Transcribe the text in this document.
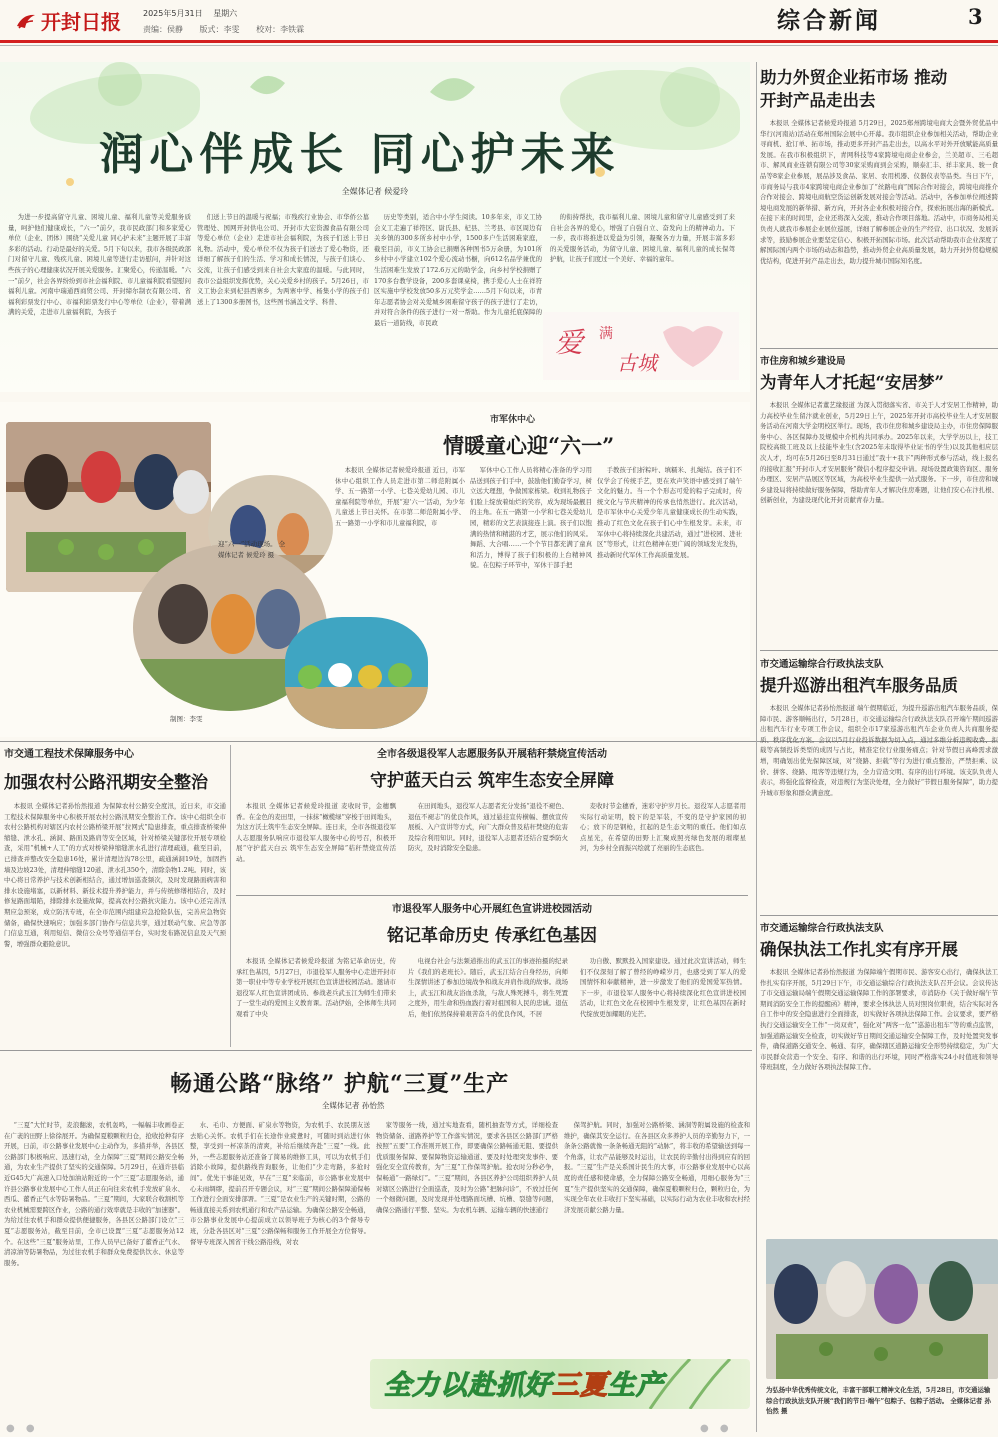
开封日报	2025年5月31日 星期六
责编：侯静 版式：李雯 校对：李铁霖	综合新闻	3
润心伴成长 同心护未来
全媒体记者 候爱玲

为进一步提高留守儿童、困境儿童、福利儿童等关爱服务质量，呵护他们健康成长，“六一”前夕，我市民政部门和多家爱心单位（企业、团体）围绕“关爱儿童 同心护未来”主题开展了丰富多彩的活动。行动是最好的关爱。5月下旬以来，我市各级民政部门对留守儿童、残疾儿童、困境儿童等进行走访慰问，并针对这些孩子的心理健康状况开展关爱服务。汇聚爱心，传递温暖。“六一”前夕，社会各界纷纷到市社会福利院、市儿童福利院看望慰问福利儿童。河南中瑞通西商贸公司、开封缔尔制衣有限公司、省福利彩票发行中心、市福利彩票发行中心等单位（企业），带着满满的关爱，走进市儿童福利院，为孩子

们送上节日的温暖与祝福；市残疾行业协会、市华侨公墓管理处、国网开封供电公司、开封市大宏资源食品有限公司等爱心单位（企业）走进市社会福利院，为孩子们送上节日礼物。活动中，爱心单位不仅为孩子们送去了爱心物资，还详细了解孩子们的生活、学习和成长情况，与孩子们谈心、交流，让孩子们感受到来自社会大家庭的温暖。与此同时，我市公益组织发挥优势，关心关爱乡村的孩子。5月26日，市义工协会来到杞县西寨乡，为两寨中学、杨集小学的孩子们送上了1300多册图书，这些图书涵盖文学、科普、

历史等类别，适合中小学生阅读。10多年来，市义工协会义工走遍了祥符区、尉氏县、杞县、兰考县、市区周边有关乡镇的300多所乡村中小学，1500多户生活困难家庭，截至目前，市义工协会已捐赠各种图书5万余册，为101所乡村中小学建立102个爱心流动书橱，向612名品学兼优的生活困难生发放了172.6万元的助学金，向乡村学校捐赠了170多台教学设备，200多套课桌椅，携手爱心人士在祥符区实施中学校发放50多万元奖学金……5月下旬以来，市青年志愿者协会对关爱城乡困难留守孩子的孩子进行了走访，并对符合条件的孩子进行一对一帮助。作为儿童托底保障的最后一道防线，市民政

的衔持帮扶，我市福利儿童、困境儿童和留守儿童感受到了来自社会各界的爱心，增强了自强自立、奋发向上的精神动力。下一步，我市将推进以爱益为引领，凝聚各方力量，开展丰富多彩的关爱服务活动，为留守儿童、困境儿童、福利儿童的成长保驾护航，让孩子们度过一个美好、幸福的童年。

爱 满
古城
迎“六一”活动现场。 全媒体记者 候爱玲 摄
制图：李雯
市军休中心
情暖童心迎“六一”

本报讯 全媒体记者候爱玲报道 近日，市军休中心组织工作人员走进市第二师范附属小学、五一路第一小学、七巷关爱幼儿园、市儿童福利院等单位，开展“迎‘六一’活动，为少年儿童送上节日关怀。在市第二师范附属小学、五一路第一小学和市儿童福利院，市

军休中心工作人员将精心准备的学习用品送到孩子们手中，鼓励他们勤奋学习，树立远大理想，争做国家栋梁。收到礼物孩子们脸上绽放着灿烂的笑容，成为现场最靓目的主角。在五一路第一小学和七巷关爱幼儿园，精彩的文艺表演接连上演。孩子们以饱满的热情和精湛的才艺，展示他们的风采。舞蹈、大合唱……一个个节目都充满了童真和活力，博得了孩子们积极的上台精神风貌。在包粽子环节中，军休干部手把

手教孩子们折粽叶、填糯米、扎绳结。孩子们不仅学会了传统手艺，更在欢声笑语中感受到了端午文化的魅力。当一个个形态可爱的粽子完成时，传统文化与节庆精神的传承也悄然进行。此次活动，是市军休中心关爱少年儿童健康成长的生动实践，推动了红色文化在孩子们心中生根发芽。未来，市军休中心将持续深化共建活动，通过“进校园、进社区”等形式，让红色精神在更广阔的领域发光发热，推动新时代军休工作高质量发展。

市交通工程技术保障服务中心
加强农村公路汛期安全整治

本报讯 全媒体记者孙怡然报道 为保障农村公路安全度汛，近日来，市交通工程技术保障服务中心积极开展农村公路汛期安全整治工作。该中心组织全市农村公路机构对辖区内农村公路桥梁开展“拉网式”隐患排查，重点排查桥梁伸缩缝、泄水孔、涵洞、路面及路肩等安全区域，针对桥梁关键部位开展专项检查，采用“机械+人工”的方式对桥梁伸缩缝泄水孔进行清理疏通，截至目前，已排查并整改安全隐患16处，累计清理边沟78公里，疏通涵洞19处，加固挡墙及边坡23处，清理伸缩缝120道、泄水孔350个，清除杂物1.2吨。同时，该中心将日常养护与技术创新相结合，通过增加巡查频次，及时发现路面病害和排水设施堵塞，以新材料、新技术提升养护能力，并与传统修缮相结合，及时修复路面塌陷，排除排水设施故障，提高农村公路抗灾能力。该中心还完善汛期应急预案，成立防汛专班，在全市范围内组建应急抢险队伍，完善应急物资储备，确保快速响应；加强多部门协作与信息共享，通过联动气象、应急等部门信息互通，利用短信、微信公众号等通信平台，实时发布路况信息及天气预警，增强群众避险意识。

全市各级退役军人志愿服务队开展秸秆禁烧宣传活动
守护蓝天白云 筑牢生态安全屏障

本报讯 全媒体记者候爱玲报道 麦收时节，金穗飘香。在金色的麦田里，一抹抹“橄榄绿”穿梭于田间地头，为这方沃土筑牢生态安全屏障。连日来，全市各级退役军人志愿服务队响应市退役军人服务中心的号召，积极开展“守护蓝天白云 筑牢生态安全屏障”秸秆禁烧宣传活动。

在田间地头，退役军人志愿者充分发扬“退役不褪色、退伍不褪志”的优良作风，通过悬挂宣传横幅、摆放宣传展板、入户宣讲等方式，向广大群众普及秸秆焚烧的危害及综合利用知识。同时，退役军人志愿者还结合夏季防火防灾，及时消除安全隐患。

麦收时节金穗香，迷彩守护岁月长。退役军人志愿者用实际行动证明，脱下的是军装，不变的是守护家园的初心；放下的是钢枪，扛起的是生态文明的重任。他们如点点星光，在希望的田野上汇聚成照亮绿色发展的璀璨星河，为乡村全面振兴绘就了亮丽的生态底色。

市退役军人服务中心开展红色宣讲进校园活动
铭记革命历史 传承红色基因

本报讯 全媒体记者候爱玲报道 为铭记革命历史，传承红色基因，5月27日，市退役军人服务中心走进开封市第一职业中等专业学校开展红色宣讲进校园活动。邀请市退役军人红色宣讲团成员、参战老兵武玉江为师生们带来了一堂生动的爱国主义教育课。活动伊始，全体师生共同观看了中央

电视台社会与法频道推出的武玉江的事迹拍摄的纪录片《我们的老班长》。随后，武玉江结合自身经历，向师生深情讲述了参加边境战争和战友并肩作战的故事。战场上，武玉江和战友浴血杀敌，与敌人殊死搏斗，将生死置之度外，用生命和热血践行着对祖国和人民的忠诚。退伍后，他们依然保持着艰苦奋斗的优良作风，不居

功自傲、默默投入国家建设。通过此次宣讲活动，师生们不仅深刻了解了曾经的峥嵘岁月，也感受到了军人的爱国情怀和奉献精神，进一步激发了他们的爱国爱军热情。下一步，市退役军人服务中心将持续深化红色宣讲进校园活动，让红色文化在校园中生根发芽，让红色基因在新时代绽放更加耀眼的光芒。

助力外贸企业拓市场 推动开封产品走出去

本报讯 全媒体记者候爱玲报道 5月29日，2025郑州跨境电商大会暨外贸优品中华行(河南站)活动在郑州国际会展中心开幕。我市组织企业参加相关活动，帮助企业寻商机、抢订单、拓市场，推动更多开封产品走出去，以高水平对外开放赋能高质量发展。在我市积极组织下，青网科技等4家跨境电商企业参会，兰美超市、三毛超市、解风商业连锁有限公司等30家采购商到会采购，顺泰汇丰、祥丰家具、骏一食品等8家企业参展，展品涉及食品、家居、农用机器、仪器仪表等品类。当日下午，市商务局与我市4家跨境电商企业参加了“丝路电商”国际合作对接会，跨境电商推介合作对接会、跨境电商航空货运创新发展对接会等活动。活动中，各参加单位阐述跨境电商发展的新举措、新方向，开封各企业积极对接合作，探索拓展出海的新模式。在接下来的时间里，企业还将深入交流，推动合作项目落地。活动中，市商务局相关负责人就我市参展企业展位巡展，详细了解参展企业的生产经营、出口状况、发展诉求等，鼓励参展企业要坚定信心、积极开拓国际市场。此次活动帮助我市企业深度了解国际国内两个市场的动态和趋势，推动外贸企业高质量发展，助力开封外贸稳规模优结构，促进开封产品走出去，助力提升城市国际知名度。

市住房和城乡建设局
为青年人才托起“安居梦”

本报讯 全媒体记者董艺缘报道 为深入贯彻落实省、市关于人才安居工作精神，助力高校毕业生留汴就业创业，5月29日上午，2025年开封市高校毕业生人才安居服务活动在河南大学金明校区举行。现场，我市住房和城乡建设局主办，市住房保障服务中心、各区保障办及规模中介机构共同承办。2025年以来，大学学历以上，技工院校高级工班及以上技能毕业生(含2025年未取得毕业证书的学生)以及其他相应层次人才，均可在5月26日至8月31日通过“我十+我下”两种形式参与活动，线上报名的接收汇报“开封市人才安居服务”微信小程序提交申请。现场设置政策咨询区、服务办理区、安居产品展区等区域，为高校毕业生提供一站式服务。下一步，市住房和城乡建设局将持续做好服务保障，帮助青年人才解决住房难题，让他们安心在汴扎根、创新创业，为建设现代化开封贡献青春力量。

市交通运输综合行政执法支队
提升巡游出租汽车服务品质

本报讯 全媒体记者孙怡然报道 端午假期临近，为提升巡游出租汽车服务品质，保障市民、游客顺畅出行，5月28日，市交通运输综合行政执法支队召开端午期间巡游出租汽车行业专项工作会议，组织全市17家巡游出租汽车企业负责人共商服务提质、秩序优化方案。会议以5月行业投诉数据为切入点，通过多维分析违规收费、拒载等高频投诉类型的成因与占比，精准定位行业服务痛点；针对节假日高峰需求激增，明确划出优先保障区域，对“绕路、拒载”等行为进行重点整治，严禁拒乘、议价、拼客、绕路、甩客等违规行为，全力营造文明、有序的出行环境。该支队负责人表示，将强化监督检查，对违规行为坚决处理，全力做好“节假日服务保障”，助力提升城市形象和群众满意度。

市交通运输综合行政执法支队
确保执法工作扎实有序开展

本报讯 全媒体记者孙怡然报道 为保障端午假期市民、游客安心出行，确保执法工作扎实有序开展，5月29日下午，市交通运输综合行政执法支队召开会议。会议传达了市交通运输局端午假期交通运输保障工作的部署要求，市消防办《关于做好端午节期间消防安全工作的提醒函》精神，要求全体执法人员对照岗位职责，结合实际对各自工作中的安全隐患进行全面排查，切实做好各项执法保障工作。会议要求，要严格执行交通运输安全工作“一岗双责”，强化对“两客一危”“巡游出租车”等的重点监管，加强道路运输安全检查，切实做好节日期间交通运输安全保障工作，及时处置突发事件，确保道路交通安全、畅通、有序，确保辖区道路运输安全形势持续稳定，为广大市民群众营造一个安全、有序、和谐的出行环境，同时严格落实24小时值班和领导带班制度，全力做好各项执法保障工作。

畅通公路“脉络” 护航“三夏”生产
全媒体记者 孙怡然

“三夏”大忙时节，麦浪翻滚，农机轰鸣，一幅幅丰收画卷正在广袤的田野上徐徐展开。为确保夏粮颗粒归仓，抢收抢种有序开展，日前，市公路事业发展中心主动作为，多措并举，各县区公路部门积极响应、迅速行动，全力保障“三夏”期间公路安全畅通，为农业生产提供了坚实的交通保障。5月29日，在通许县临近G45大广高速入口处加油站附近的一个“三夏”志愿服务站，通许县公路事业发展中心工作人员正在向往来农机手发放矿泉水、西瓜、藿香正气水等防暑物品。“三夏”期间，大家联合收割机等农业机械需要跨区作业，公路的通行效率就是丰收的“加速器”。为给过往农机手和群众提供便捷服务，各县区公路部门设立“三夏”志愿服务站，截至目前，全市已设置“三夏”志愿服务站12个。在这些“三夏”服务站里，工作人员早已备好了藿香正气水、清凉油等防暑物品，为过往农机手和群众免费提供饮水、休息等服务。

水、毛巾、方便面、矿泉水等物资，为农机手、农民朋友送去贴心关怀。农机手们在长途作业疲惫时，可随时到站进行休整，享受到一杯凉茶的清爽，补给后继续奔赴“三夏”一线。此外，一些志愿服务站还准备了简易的维修工具，可以为农机手们消除小故障，提供路线咨询服务，让他们“少走弯路，多抢时间”。优先干事能见效，早在“三夏”来临前，市公路事业发展中心未雨绸缪，提前召开专题会议，对“三夏”期间公路保障通保畅工作进行全面安排部署。“三夏”是农业生产的关键时期，公路的畅通直接关系到农机通行和农产品运输。为确保公路安全畅通，市公路事业发展中心提前成立以领导班子为核心的3个督导专班，分赴各县区对“三夏”公路保畅和服务工作开展全方位督导。督导专班深入国省干线公路沿线，对农

家等服务一线，通过实地查看，随机抽查等方式，详细检查物资储备、道路养护等工作落实情况，要求各县区公路部门严格按照“五要”工作准则开展工作，即要确保公路畅通无阻、要提供优质服务保障、要保障物资运输通道、要及时处理突发事件、要强化安全宣传教育，为“三夏”工作保驾护航。抢农时分秒必争，保畅通“一路绿灯”。“三夏”期间，各县区养护公司组织养护人员对辖区公路进行全面巡查，及时为公路“把脉问诊”，不放过任何一个细微问题，及时发现并处理路面坑槽、坑槽、裂缝等问题，确保公路通行平整、坚实。为农机车辆、运输车辆的快速通行

保驾护航。同时，加强对公路桥梁、涵洞等附属设施的检查和维护，确保其安全运行。在各县区众多养护人员的辛勤努力下，一条条公路就像一条条畅通无阻的“动脉”，将丰收的希望输送到每一个角落，让农产品能够及时运出，让农民的辛勤付出得到应有的回报。“三夏”生产是关系国计民生的大事，市公路事业发展中心以高度的责任感和使命感，全力保障公路安全畅通，用细心服务为“三夏”生产提供坚实的交通保障，确保夏粮颗粒归仓，颗粒归仓，为实现全年农业丰收打下坚实基础，以实际行动为农业丰收和农村经济发展贡献公路力量。

全力以赴抓好三夏生产	为弘扬中华优秀传统文化，丰富干部职工精神文化生活，5月28日，市交通运输综合行政执法支队开展“我们的节日·端午”包粽子、包粽子活动。 全媒体记者 孙怡然 摄
● ●	● ●
